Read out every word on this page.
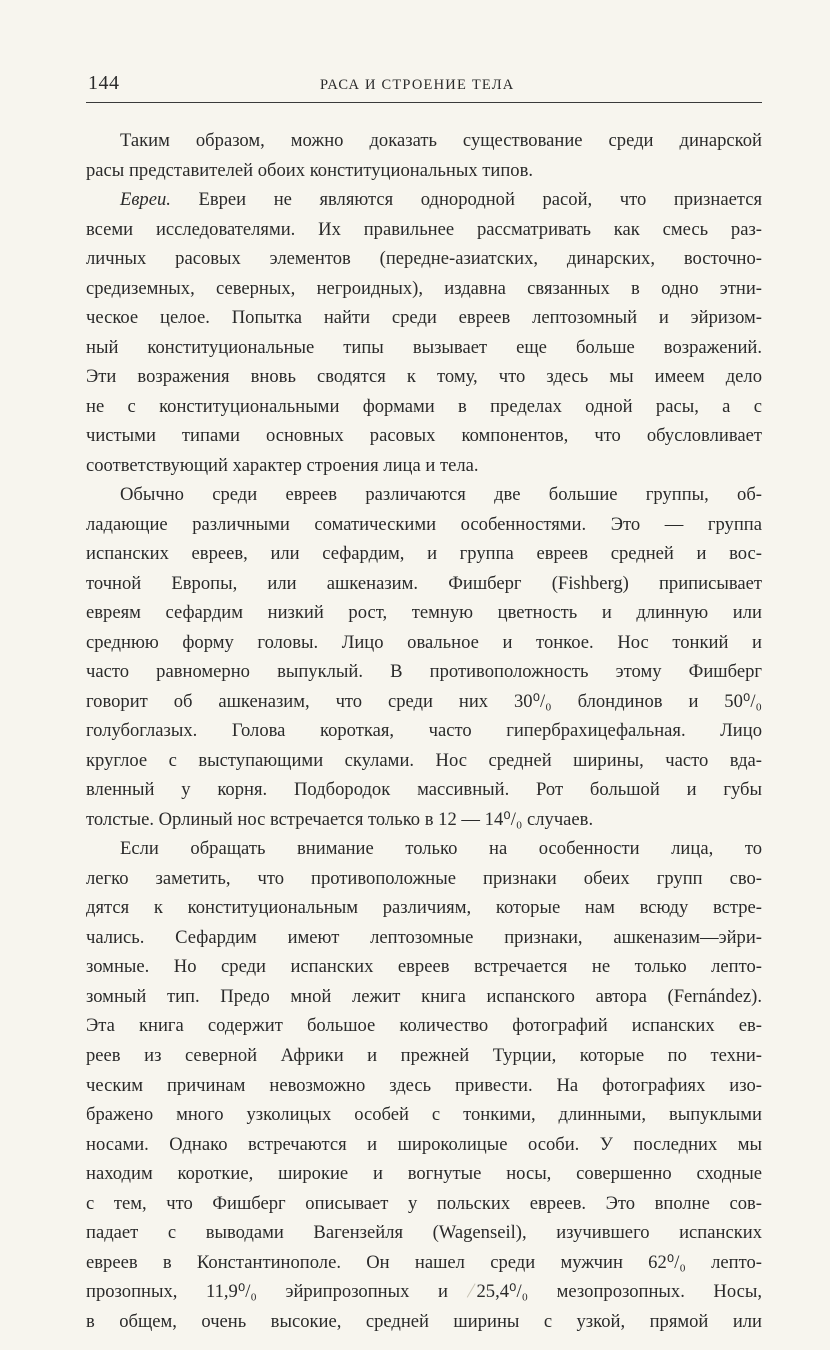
144	РАСА И СТРОЕНИЕ ТЕЛА
Таким образом, можно доказать существование среди динарской
расы представителей обоих конституциональных типов.
Евреи. Евреи не являются однородной расой, что признается
всеми исследователями. Их правильнее рассматривать как смесь раз-
личных расовых элементов (передне-азиатских, динарских, восточно-
средиземных, северных, негроидных), издавна связанных в одно этни-
ческое целое. Попытка найти среди евреев лептозомный и эйризом-
ный конституциональные типы вызывает еще больше возражений.
Эти возражения вновь сводятся к тому, что здесь мы имеем дело
не с конституциональными формами в пределах одной расы, а с
чистыми типами основных расовых компонентов, что обусловливает
соответствующий характер строения лица и тела.
Обычно среди евреев различаются две большие группы, об-
ладающие различными соматическими особенностями. Это — группа
испанских евреев, или сефардим, и группа евреев средней и вос-
точной Европы, или ашкеназим. Фишберг (Fishberg) приписывает
евреям сефардим низкий рост, темную цветность и длинную или
среднюю форму головы. Лицо овальное и тонкое. Нос тонкий и
часто равномерно выпуклый. В противоположность этому Фишберг
говорит об ашкеназим, что среди них 30⁰/₀ блондинов и 50⁰/₀
голубоглазых. Голова короткая, часто гипербрахицефальная. Лицо
круглое с выступающими скулами. Нос средней ширины, часто вда-
вленный у корня. Подбородок массивный. Рот большой и губы
толстые. Орлиный нос встречается только в 12 — 14⁰/₀ случаев.
Если обращать внимание только на особенности лица, то
легко заметить, что противоположные признаки обеих групп сво-
дятся к конституциональным различиям, которые нам всюду встре-
чались. Сефардим имеют лептозомные признаки, ашкеназим—эйри-
зомные. Но среди испанских евреев встречается не только лепто-
зомный тип. Предо мной лежит книга испанского автора (Fernández).
Эта книга содержит большое количество фотографий испанских ев-
реев из северной Африки и прежней Турции, которые по техни-
ческим причинам невозможно здесь привести. На фотографиях изо-
бражено много узколицых особей с тонкими, длинными, выпуклыми
носами. Однако встречаются и широколицые особи. У последних мы
находим короткие, широкие и вогнутые носы, совершенно сходные
с тем, что Фишберг описывает у польских евреев. Это вполне сов-
падает с выводами Вагензейля (Wagenseil), изучившего испанских
евреев в Константинополе. Он нашел среди мужчин 62⁰/₀ лепто-
прозопных, 11,9⁰/₀ эйрипрозопных и 25,4⁰/₀ мезопрозопных. Носы,
в общем, очень высокие, средней ширины с узкой, прямой или
